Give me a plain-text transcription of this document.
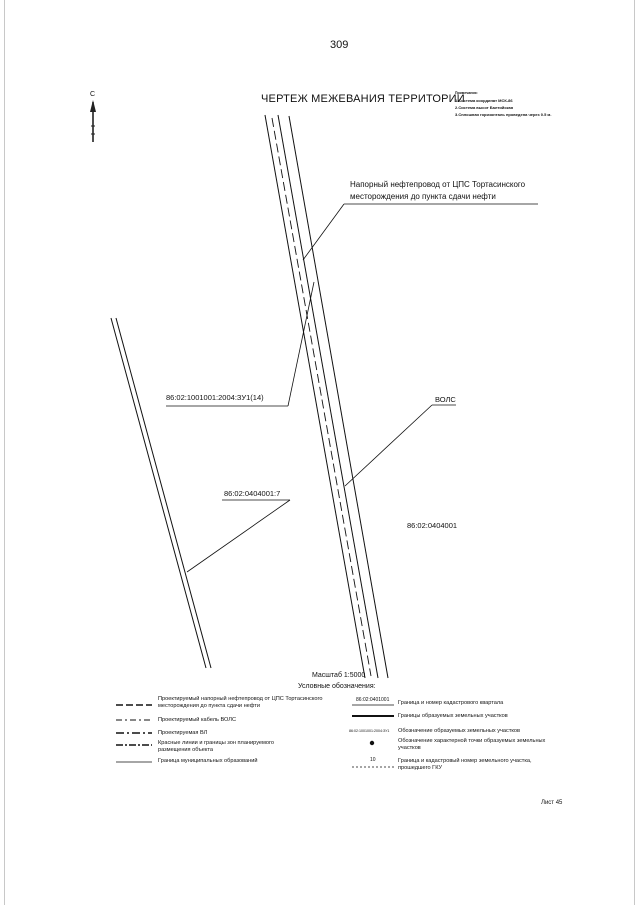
309
ЧЕРТЕЖ МЕЖЕВАНИЯ ТЕРРИТОРИИ
Примечания:
1.Система координат МСК-86
2.Система высот Балтийская
3.Сплошная горизонталь проведена через 0.5 м.
С
Напорный нефтепровод от ЦПС Тортасинского
месторождения до пункта сдачи нефти
86:02:1001001:2004:ЗУ1(14)	ВОЛС
86:02:0404001:7
86:02:0404001
Масштаб 1:5000
Условные обозначения:
Проектируемый напорный нефтепровод от ЦПС Тортасинского месторождения до пункта сдачи нефти
Проектируемый кабель ВОЛС
Проектируемая ВЛ
Красные линии и границы зон планируемого размещения объекта
Граница муниципальных образований
86:02:0401001 Граница и номер кадастрового квартала
Границы образуемых земельных участков
86:02:1001001:2004:ЗУ1 Обозначение образуемых земельных участков
Обозначение характерной точки образуемых земельных участков
10	Граница и кадастровый номер земельного участка, прошедшего ГКУ
Лист 45
